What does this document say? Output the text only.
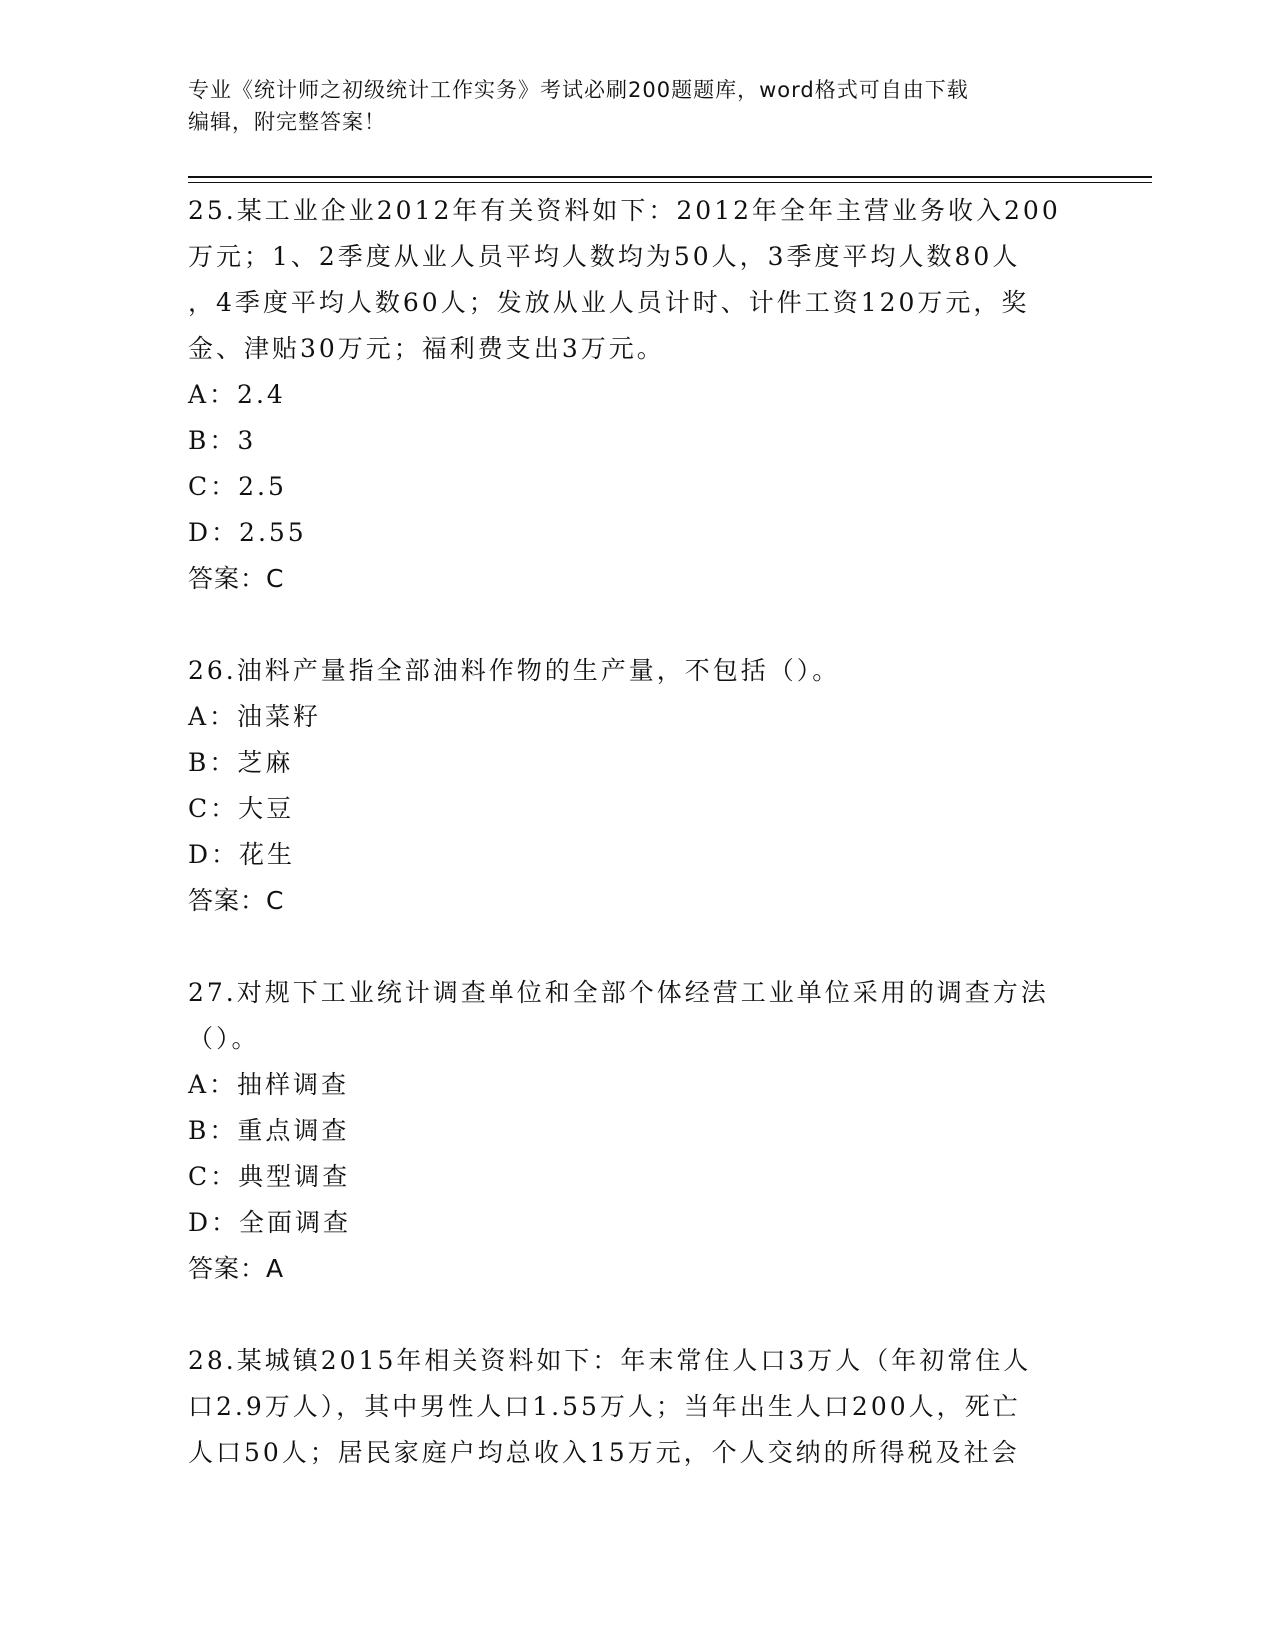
专业《统计师之初级统计工作实务》考试必刷200题题库，word格式可自由下载
编辑，附完整答案！

25.某工业企业2012年有关资料如下：2012年全年主营业务收入200

万元；1、2季度从业人员平均人数均为50人，3季度平均人数80人

，4季度平均人数60人；发放从业人员计时、计件工资120万元，奖

金、津贴30万元；福利费支出3万元。

A：2.4

B：3

C：2.5

D：2.55

答案：C

26.油料产量指全部油料作物的生产量，不包括（）。

A：油菜籽

B：芝麻

C：大豆

D：花生

答案：C

27.对规下工业统计调查单位和全部个体经营工业单位采用的调查方法

（）。

A：抽样调查

B：重点调查

C：典型调查

D：全面调查

答案：A

28.某城镇2015年相关资料如下：年末常住人口3万人（年初常住人

口2.9万人），其中男性人口1.55万人；当年出生人口200人，死亡

人口50人；居民家庭户均总收入15万元，个人交纳的所得税及社会
